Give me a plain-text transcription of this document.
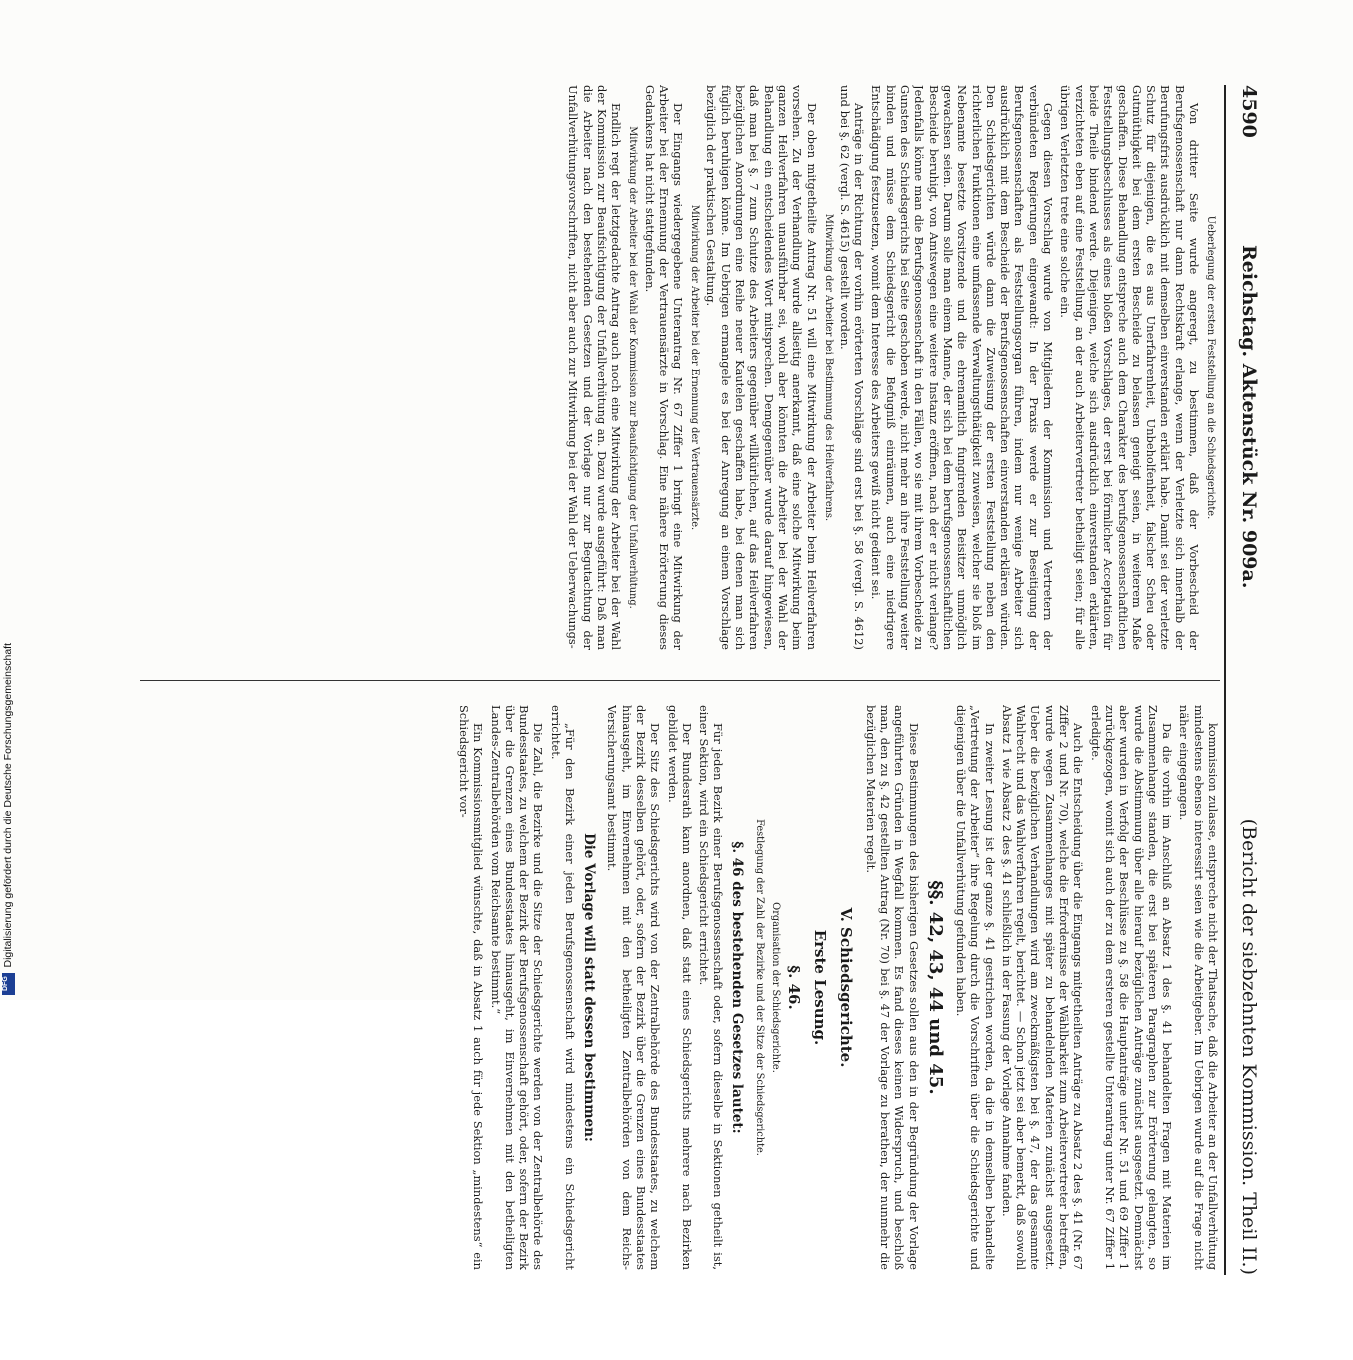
4590
Reichstag. Aktenstück Nr. 909a.
(Bericht der siebzehnten Kommission. Theil II.)

Ueberlegung der ersten Feststellung an die Schiedsgerichte.

Von dritter Seite wurde angeregt, zu bestimmen, daß der Vorbescheid der Berufsgenossenschaft nur dann Rechtskraft erlange, wenn der Verletzte sich innerhalb der Berufungsfrist ausdrücklich mit demselben einverstanden erklärt habe. Damit sei der verletzte Schutz für diejenigen, die es aus Unerfahrenheit, Unbeholfenheit, falscher Scheu oder Gutmüthigkeit bei dem ersten Bescheide zu belassen geneigt seien, in weiterem Maße geschaffen. Diese Behandlung entspreche auch dem Charakter des berufsgenossenschaftlichen Feststellungsbeschlusses als eines bloßen Vorschlages, der erst bei förmlicher Acceptation für beide Theile bindend werde. Diejenigen, welche sich ausdrücklich einverstanden erklärten, verzichteten eben auf eine Feststellung, an der auch Arbeitervertreter betheiligt seien; für alle übrigen Verletzten trete eine solche ein.

Gegen diesen Vorschlag wurde von Mitgliedern der Kommission und Vertretern der verbündeten Regierungen eingewandt: In der Praxis werde er zur Beseitigung der Berufsgenossenschaften als Feststellungsorgan führen, indem nur wenige Arbeiter sich ausdrücklich mit dem Bescheide der Berufsgenossenschaften einverstanden erklären würden. Den Schiedsgerichten würde dann die Zuweisung der ersten Feststellung neben den richterlichen Funktionen eine umfassende Verwaltungsthätigkeit zuweisen, welcher sie bloß im Nebenamte besetzte Vorsitzende und die ehrenamtlich fungirenden Beisitzer unmöglich gewachsen seien. Darum solle man einem Manne, der sich bei dem berufsgenossenschaftlichen Bescheide beruhigt, von Amtswegen eine weitere Instanz eröffnen, nach der er nicht verlange? Jedenfalls könne man die Berufsgenossenschaft in den Fällen, wo sie mit ihrem Vorbescheide zu Gunsten des Schiedsgerichts bei Seite geschoben werde, nicht mehr an ihre Feststellung weiter binden und müsse dem Schiedsgericht die Befugniß einräumen, auch eine niedrigere Entschädigung festzusetzen, womit dem Interesse des Arbeiters gewiß nicht gedient sei.

Anträge in der Richtung der vorhin erörterten Vorschläge sind erst bei §. 58 (vergl. S. 4612) und bei §. 62 (vergl. S. 4615) gestellt worden.

Mitwirkung der Arbeiter bei Bestimmung des Heilverfahrens.

Der oben mitgetheilte Antrag Nr. 51 will eine Mitwirkung der Arbeiter beim Heilverfahren vorsehen. Zu der Verhandlung wurde allseitig anerkannt, daß eine solche Mitwirkung beim ganzen Heilverfahren unausführbar sei, wohl aber könnten die Arbeiter bei der Wahl der Behandlung ein entscheidendes Wort mitsprechen. Demgegenüber wurde darauf hingewiesen, daß man bei §. 7 zum Schutze des Arbeiters gegenüber willkürlichen, auf das Heilverfahren bezüglichen Anordnungen eine Reihe neuer Kautelen geschaffen habe, bei denen man sich füglich beruhigen könne. Im Uebrigen ermangele es bei der Anregung an einem Vorschlage bezüglich der praktischen Gestaltung.

Mitwirkung der Arbeiter bei der Ernennung der Vertrauensärzte.

Der Eingangs wiedergegebene Unterantrag Nr. 67 Ziffer 1 bringt eine Mitwirkung der Arbeiter bei der Ernennung der Vertrauensärzte in Vorschlag. Eine nähere Erörterung dieses Gedankens hat nicht stattgefunden.

Mitwirkung der Arbeiter bei der Wahl der Kommission zur Beaufsichtigung der Unfallverhütung.

Endlich regt der letztgedachte Antrag auch noch eine Mitwirkung der Arbeiter bei der Wahl der Kommission zur Beaufsichtigung der Unfallverhütung an. Dazu wurde ausgeführt: Daß man die Arbeiter nach den bestehenden Gesetzen und der Vorlage nur zur Begutachtung der Unfallverhütungsvorschriften, nicht aber auch zur Mitwirkung bei der Wahl der Ueberwachungs-

kommission zulasse, entspreche nicht der Thatsache, daß die Arbeiter an der Unfallverhütung mindestens ebenso interessirt seien wie die Arbeitgeber. Im Uebrigen wurde auf die Frage nicht näher eingegangen.

Da die vorhin im Anschluß an Absatz 1 des §. 41 behandelten Fragen mit Materien im Zusammenhange standen, die erst bei späteren Paragraphen zur Erörterung gelangten, so wurde die Abstimmung über alle hierauf bezüglichen Anträge zunächst ausgesetzt. Demnächst aber wurden in Verfolg der Beschlüsse zu §. 58 die Hauptanträge unter Nr. 51 und 69 Ziffer 1 zurückgezogen, womit sich auch der zu dem ersteren gestellte Unterantrag unter Nr. 67 Ziffer 1 erledigte.

Auch die Entscheidung über die Eingangs mitgetheilten Anträge zu Absatz 2 des §. 41 (Nr. 67 Ziffer 2 und Nr. 70), welche die Erfordernisse der Wählbarkeit zum Arbeitervertreter betreffen, wurde wegen Zusammenhanges mit später zu behandelnden Materien zunächst ausgesetzt. Ueber die bezüglichen Verhandlungen wird am zweckmäßigsten bei §. 47, der das gesammte Wahlrecht und das Wahlverfahren regelt, berichtet. — Schon jetzt sei aber bemerkt, daß sowohl Absatz 1 wie Absatz 2 des §. 41 schließlich in der Fassung der Vorlage Annahme fanden.

In zweiter Lesung ist der ganze §. 41 gestrichen worden, da die in demselben behandelte „Vertretung der Arbeiter“ ihre Regelung durch die Vorschriften über die Schiedsgerichte und diejenigen über die Unfallverhütung gefunden haben.

§§. 42, 43, 44 und 45.

Diese Bestimmungen des bisherigen Gesetzes sollen aus den in der Begründung der Vorlage angeführten Gründen in Wegfall kommen. Es fand dieses keinen Widerspruch, und beschloß man, den zu §. 42 gestellten Antrag (Nr. 70) bei §. 47 der Vorlage zu berathen, der nunmehr die bezüglichen Materien regelt.

V. Schiedsgerichte.

Erste Lesung.

§. 46.

Organisation der Schiedsgerichte.

Festlegung der Zahl der Bezirke und der Sitze der Schiedsgerichte.

§. 46 des bestehenden Gesetzes lautet:

Für jeden Bezirk einer Berufsgenossenschaft oder, sofern dieselbe in Sektionen getheilt ist, einer Sektion, wird ein Schiedsgericht errichtet.

Der Bundesrath kann anordnen, daß statt eines Schiedsgerichts mehrere nach Bezirken gebildet werden.

Der Sitz des Schiedsgerichts wird von der Zentralbehörde des Bundesstaates, zu welchem der Bezirk desselben gehört, oder, sofern der Bezirk über die Grenzen eines Bundesstaates hinausgeht, im Einvernehmen mit den betheiligten Zentralbehörden von dem Reichs-Versicherungsamt bestimmt.

Die Vorlage will statt dessen bestimmen:

„Für den Bezirk einer jeden Berufsgenossenschaft wird mindestens ein Schiedsgericht errichtet.

Die Zahl, die Bezirke und die Sitze der Schiedsgerichte werden von der Zentralbehörde des Bundesstaates, zu welchem der Bezirk der Berufsgenossenschaft gehört, oder, sofern der Bezirk über die Grenzen eines Bundesstaates hinausgeht, im Einvernehmen mit den betheiligten Landes-Zentralbehörden vom Reichsamte bestimmt.“

Ein Kommissionsmitglied wünschte, daß in Absatz 1 auch für jede Sektion „mindestens“ ein Schiedsgericht vor-

Digitalisierung gefördert durch die Deutsche Forschungsgemeinschaft
DFG
